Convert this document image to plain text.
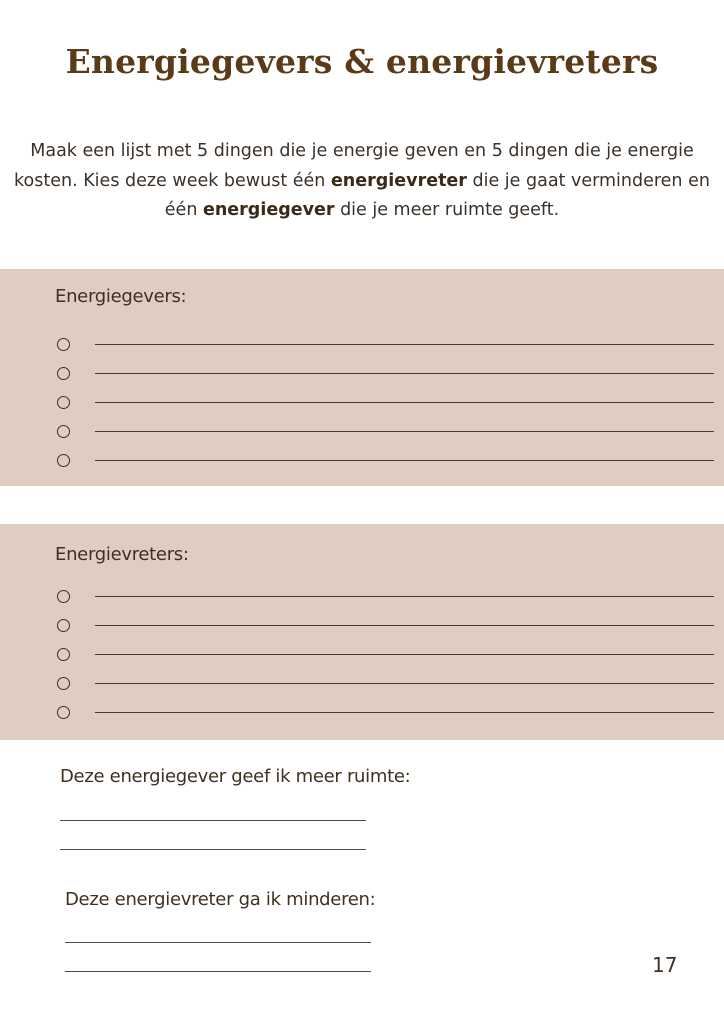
Energiegevers & energievreters

Maak een lijst met 5 dingen die je energie geven en 5 dingen die je energie kosten. Kies deze week bewust één energievreter die je gaat verminderen en één energiegever die je meer ruimte geeft.

Energiegevers:
Energievreters:
Deze energiegever geef ik meer ruimte:
Deze energievreter ga ik minderen:
17
